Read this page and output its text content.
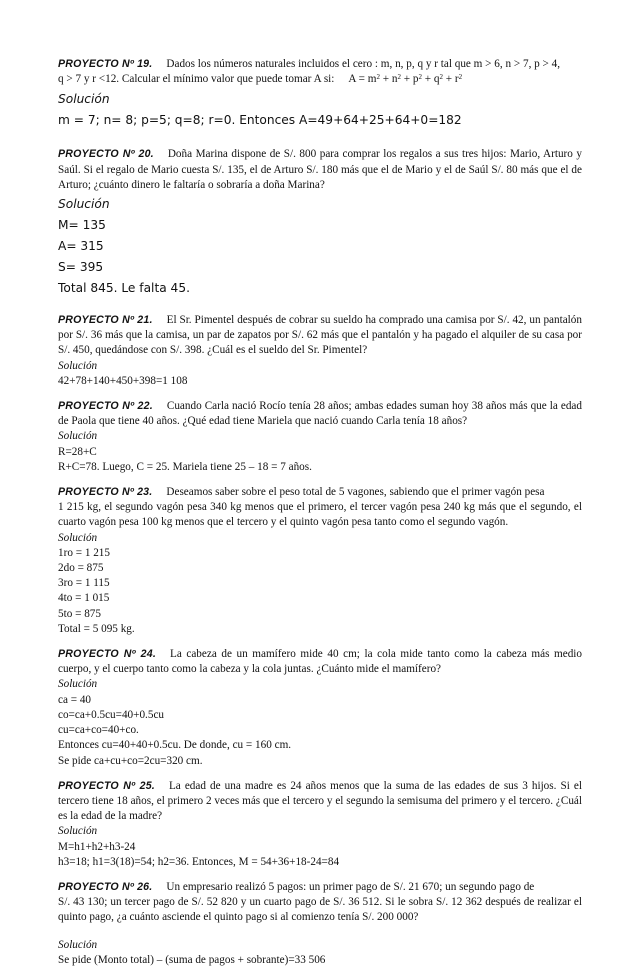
PROYECTO Nº 19. Dados los números naturales incluidos el cero : m, n, p, q y r tal que m > 6, n > 7, p > 4,
q > 7 y r <12. Calcular el mínimo valor que puede tomar A si: $A = m^2 + n^2 + p^2 + q^2 + r^2$

Solución

m = 7; n= 8; p=5; q=8; r=0. Entonces A=49+64+25+64+0=182

PROYECTO Nº 20. Doña Marina dispone de S/. 800 para comprar los regalos a sus tres hijos: Mario, Arturo y Saúl. Si el regalo de Mario cuesta S/. 135, el de Arturo S/. 180 más que el de Mario y el de Saúl S/. 80 más que el de Arturo; ¿cuánto dinero le faltaría o sobraría a doña Marina?

Solución

M= 135

A= 315

S= 395

Total 845. Le falta 45.

PROYECTO Nº 21. El Sr. Pimentel después de cobrar su sueldo ha comprado una camisa por S/. 42, un pantalón por S/. 36 más que la camisa, un par de zapatos por S/. 62 más que el pantalón y ha pagado el alquiler de su casa por S/. 450, quedándose con S/. 398. ¿Cuál es el sueldo del Sr. Pimentel?

Solución

42+78+140+450+398=1 108

PROYECTO Nº 22. Cuando Carla nació Rocío tenía 28 años; ambas edades suman hoy 38 años más que la edad de Paola que tiene 40 años. ¿Qué edad tiene Mariela que nació cuando Carla tenía 18 años?

Solución

R=28+C

R+C=78. Luego, C = 25. Mariela tiene 25 – 18 = 7 años.

PROYECTO Nº 23. Deseamos saber sobre el peso total de 5 vagones, sabiendo que el primer vagón pesa
1 215 kg, el segundo vagón pesa 340 kg menos que el primero, el tercer vagón pesa 240 kg más que el segundo, el cuarto vagón pesa 100 kg menos que el tercero y el quinto vagón pesa tanto como el segundo vagón.

Solución

1ro = 1 215

2do = 875

3ro = 1 115

4to = 1 015

5to = 875

Total = 5 095 kg.

PROYECTO Nº 24. La cabeza de un mamífero mide 40 cm; la cola mide tanto como la cabeza más medio cuerpo, y el cuerpo tanto como la cabeza y la cola juntas. ¿Cuánto mide el mamífero?

Solución

ca = 40

co=ca+0.5cu=40+0.5cu

cu=ca+co=40+co.

Entonces cu=40+40+0.5cu. De donde, cu = 160 cm.

Se pide ca+cu+co=2cu=320 cm.

PROYECTO Nº 25. La edad de una madre es 24 años menos que la suma de las edades de sus 3 hijos. Si el tercero tiene 18 años, el primero 2 veces más que el tercero y el segundo la semisuma del primero y el tercero. ¿Cuál es la edad de la madre?

Solución

M=h1+h2+h3-24

h3=18; h1=3(18)=54; h2=36. Entonces, M = 54+36+18-24=84

PROYECTO Nº 26. Un empresario realizó 5 pagos: un primer pago de S/. 21 670; un segundo pago de
S/. 43 130; un tercer pago de S/. 52 820 y un cuarto pago de S/. 36 512. Si le sobra S/. 12 362 después de realizar el quinto pago, ¿a cuánto asciende el quinto pago si al comienzo tenía S/. 200 000?

Solución

Se pide (Monto total) – (suma de pagos + sobrante)=33 506
